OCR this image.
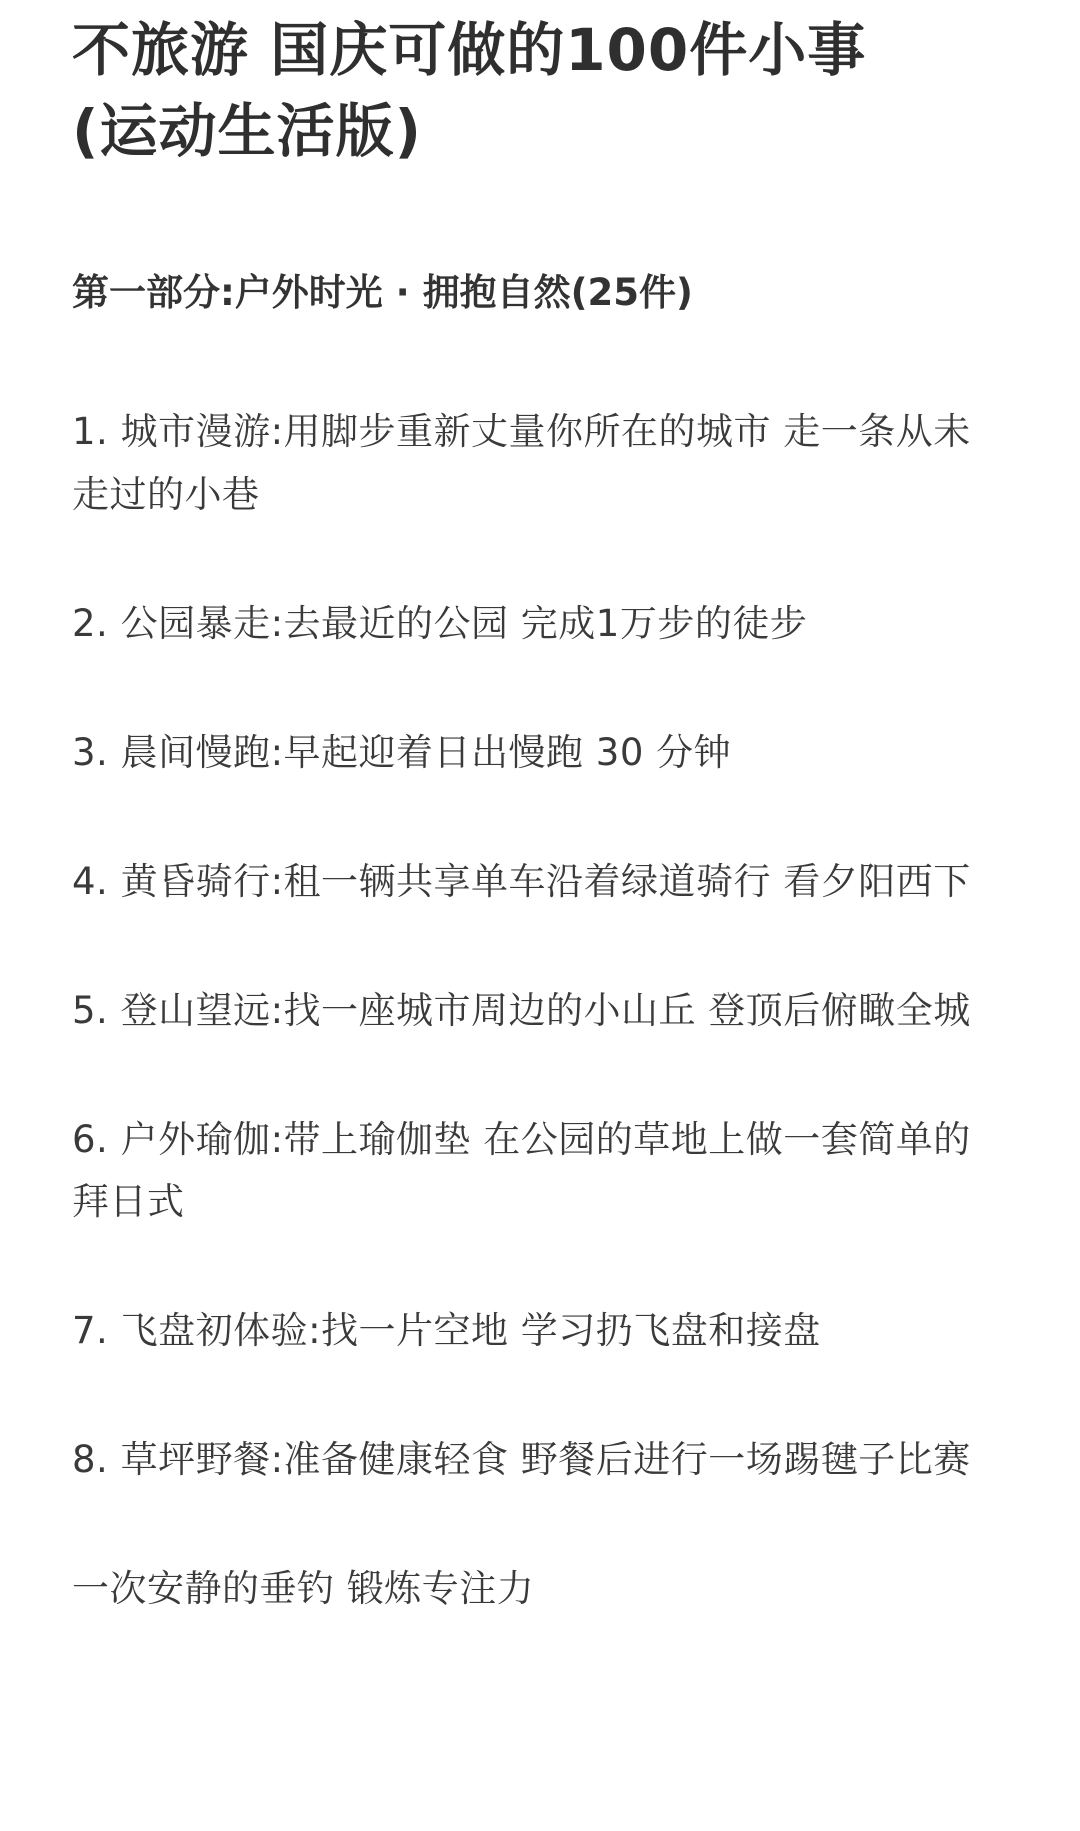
不旅游 国庆可做的100件小事
(运动生活版)
第一部分:户外时光 · 拥抱自然(25件)
1. 城市漫游:用脚步重新丈量你所在的城市 走一条从未走过的小巷
2. 公园暴走:去最近的公园 完成1万步的徒步
3. 晨间慢跑:早起迎着日出慢跑 30 分钟
4. 黄昏骑行:租一辆共享单车沿着绿道骑行 看夕阳西下
5. 登山望远:找一座城市周边的小山丘 登顶后俯瞰全城
6. 户外瑜伽:带上瑜伽垫 在公园的草地上做一套简单的拜日式
7. 飞盘初体验:找一片空地 学习扔飞盘和接盘
8. 草坪野餐:准备健康轻食 野餐后进行一场踢毽子比赛
一次安静的垂钓 锻炼专注力
